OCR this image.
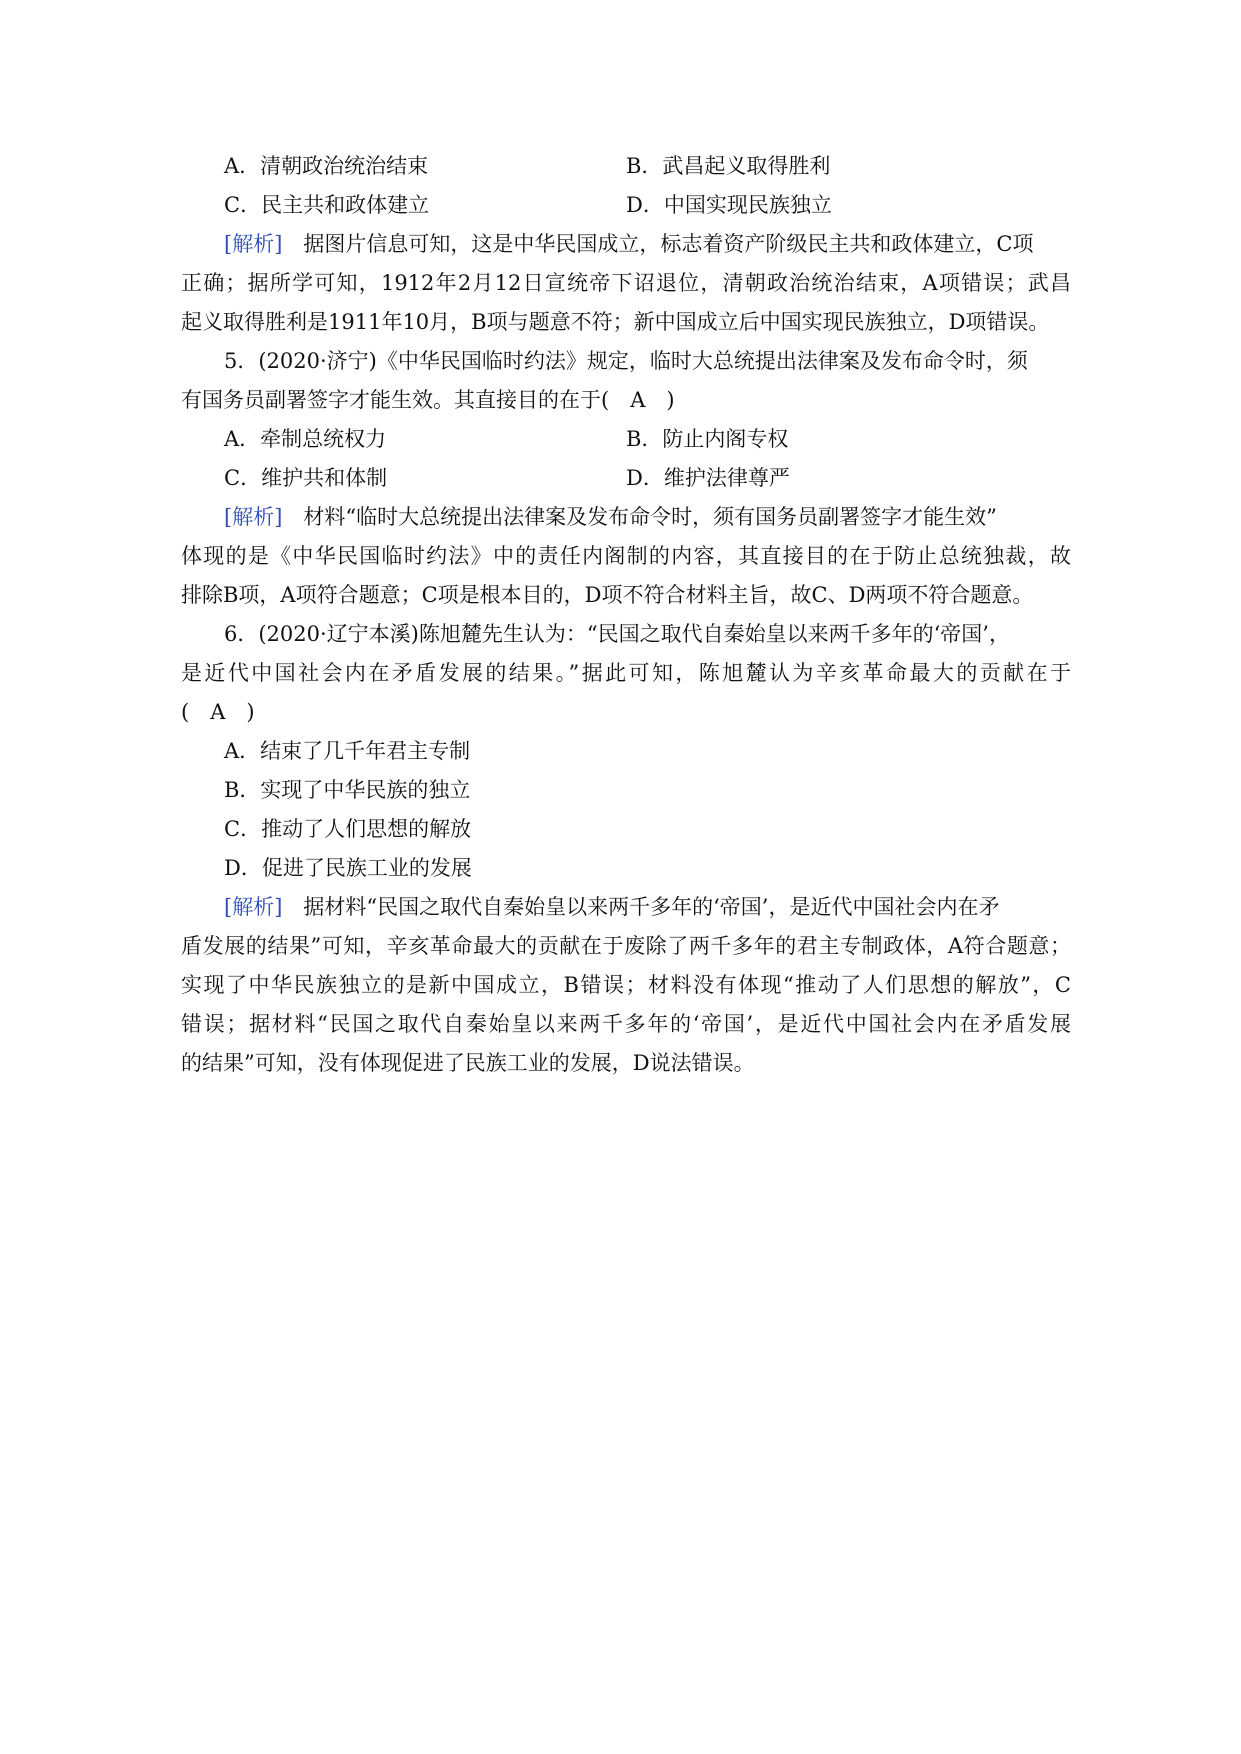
A．清朝政治统治结束	B．武昌起义取得胜利
C．民主共和政体建立	D．中国实现民族独立
[解析]　据图片信息可知，这是中华民国成立，标志着资产阶级民主共和政体建立，C项
正确；据所学可知，1912年2月12日宣统帝下诏退位，清朝政治统治结束，A项错误；武昌
起义取得胜利是1911年10月，B项与题意不符；新中国成立后中国实现民族独立，D项错误。
5．(2020·济宁)《中华民国临时约法》规定，临时大总统提出法律案及发布命令时，须
有国务员副署签字才能生效。其直接目的在于(　A　)
A．牵制总统权力	B．防止内阁专权
C．维护共和体制	D．维护法律尊严
[解析]　材料“临时大总统提出法律案及发布命令时，须有国务员副署签字才能生效”
体现的是《中华民国临时约法》中的责任内阁制的内容，其直接目的在于防止总统独裁，故
排除B项，A项符合题意；C项是根本目的，D项不符合材料主旨，故C、D两项不符合题意。
6．(2020·辽宁本溪)陈旭麓先生认为：“民国之取代自秦始皇以来两千多年的‘帝国’，
是近代中国社会内在矛盾发展的结果。”据此可知，陈旭麓认为辛亥革命最大的贡献在于
(　A　)
A．结束了几千年君主专制
B．实现了中华民族的独立
C．推动了人们思想的解放
D．促进了民族工业的发展
[解析]　据材料“民国之取代自秦始皇以来两千多年的‘帝国’，是近代中国社会内在矛
盾发展的结果”可知，辛亥革命最大的贡献在于废除了两千多年的君主专制政体，A符合题意；
实现了中华民族独立的是新中国成立，B错误；材料没有体现“推动了人们思想的解放”，C
错误；据材料“民国之取代自秦始皇以来两千多年的‘帝国’，是近代中国社会内在矛盾发展
的结果”可知，没有体现促进了民族工业的发展，D说法错误。
